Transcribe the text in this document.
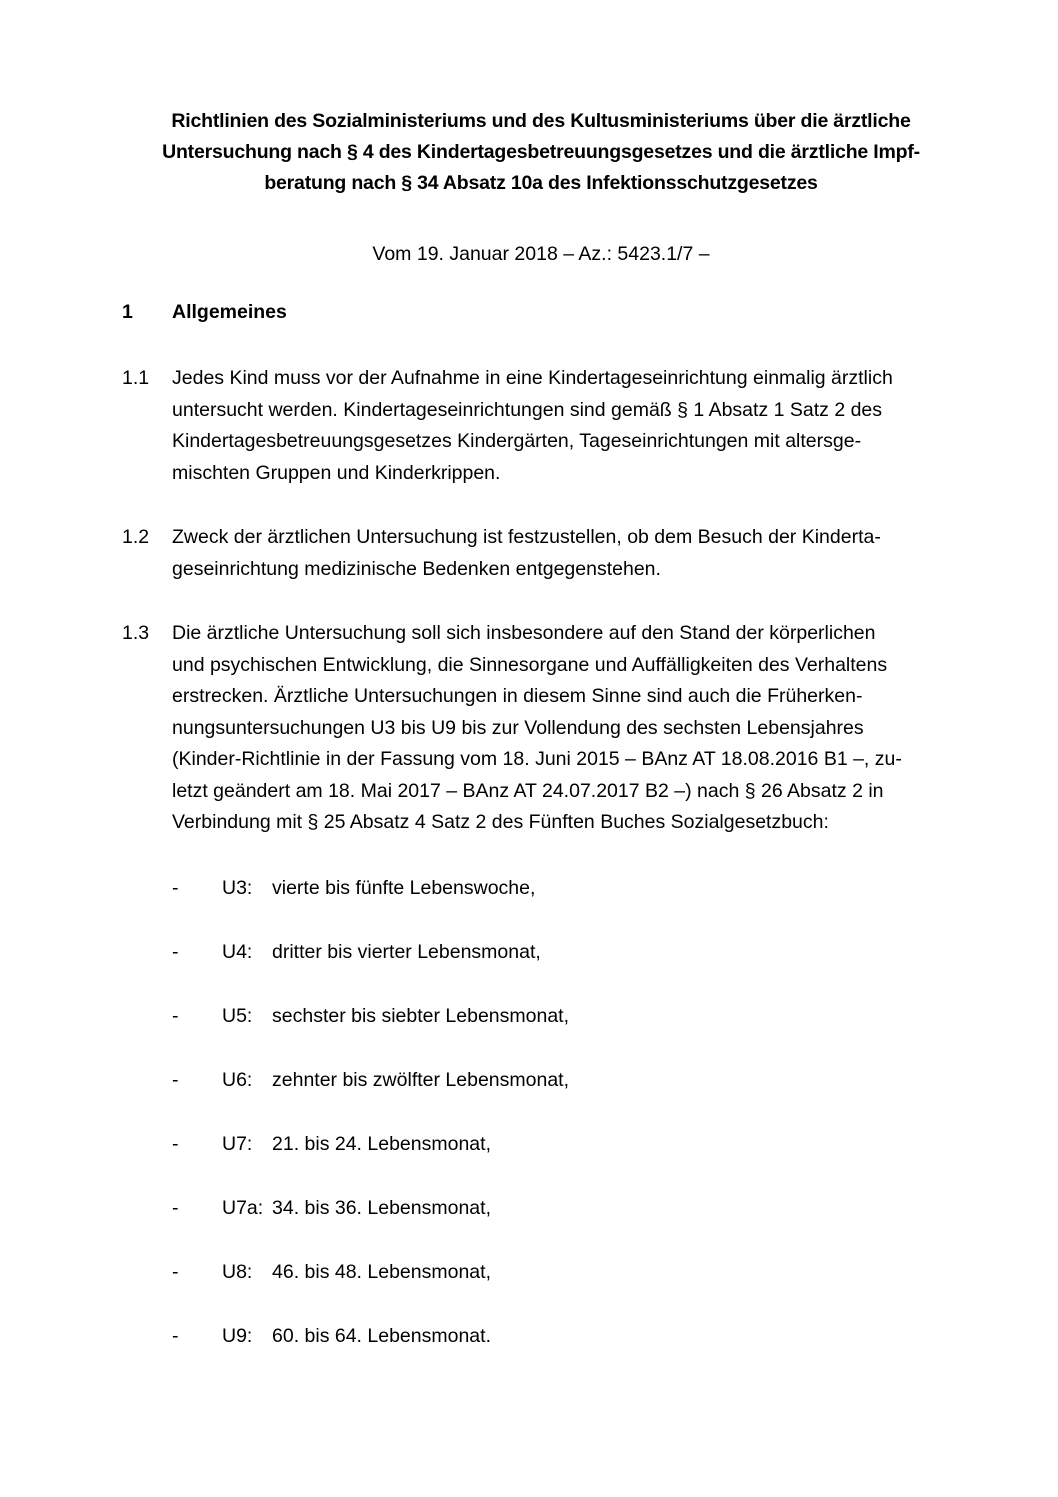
Richtlinien des Sozialministeriums und des Kultusministeriums über die ärztliche
Untersuchung nach § 4 des Kindertagesbetreuungsgesetzes und die ärztliche Impf-
beratung nach § 34 Absatz 10a des Infektionsschutzgesetzes
Vom 19. Januar 2018 – Az.: 5423.1/7 –
1 Allgemeines
1.1 Jedes Kind muss vor der Aufnahme in eine Kindertageseinrichtung einmalig ärztlich
untersucht werden. Kindertageseinrichtungen sind gemäß § 1 Absatz 1 Satz 2 des
Kindertagesbetreuungsgesetzes Kindergärten, Tageseinrichtungen mit altersge-
mischten Gruppen und Kinderkrippen.
1.2 Zweck der ärztlichen Untersuchung ist festzustellen, ob dem Besuch der Kinderta-
geseinrichtung medizinische Bedenken entgegenstehen.
1.3 Die ärztliche Untersuchung soll sich insbesondere auf den Stand der körperlichen
und psychischen Entwicklung, die Sinnesorgane und Auffälligkeiten des Verhaltens
erstrecken. Ärztliche Untersuchungen in diesem Sinne sind auch die Früherken-
nungsuntersuchungen U3 bis U9 bis zur Vollendung des sechsten Lebensjahres
(Kinder-Richtlinie in der Fassung vom 18. Juni 2015 – BAnz AT 18.08.2016 B1 –, zu-
letzt geändert am 18. Mai 2017 – BAnz AT 24.07.2017 B2 –) nach § 26 Absatz 2 in
Verbindung mit § 25 Absatz 4 Satz 2 des Fünften Buches Sozialgesetzbuch:
- U3: vierte bis fünfte Lebenswoche,
- U4: dritter bis vierter Lebensmonat,
- U5: sechster bis siebter Lebensmonat,
- U6: zehnter bis zwölfter Lebensmonat,
- U7: 21. bis 24. Lebensmonat,
- U7a: 34. bis 36. Lebensmonat,
- U8: 46. bis 48. Lebensmonat,
- U9: 60. bis 64. Lebensmonat.
